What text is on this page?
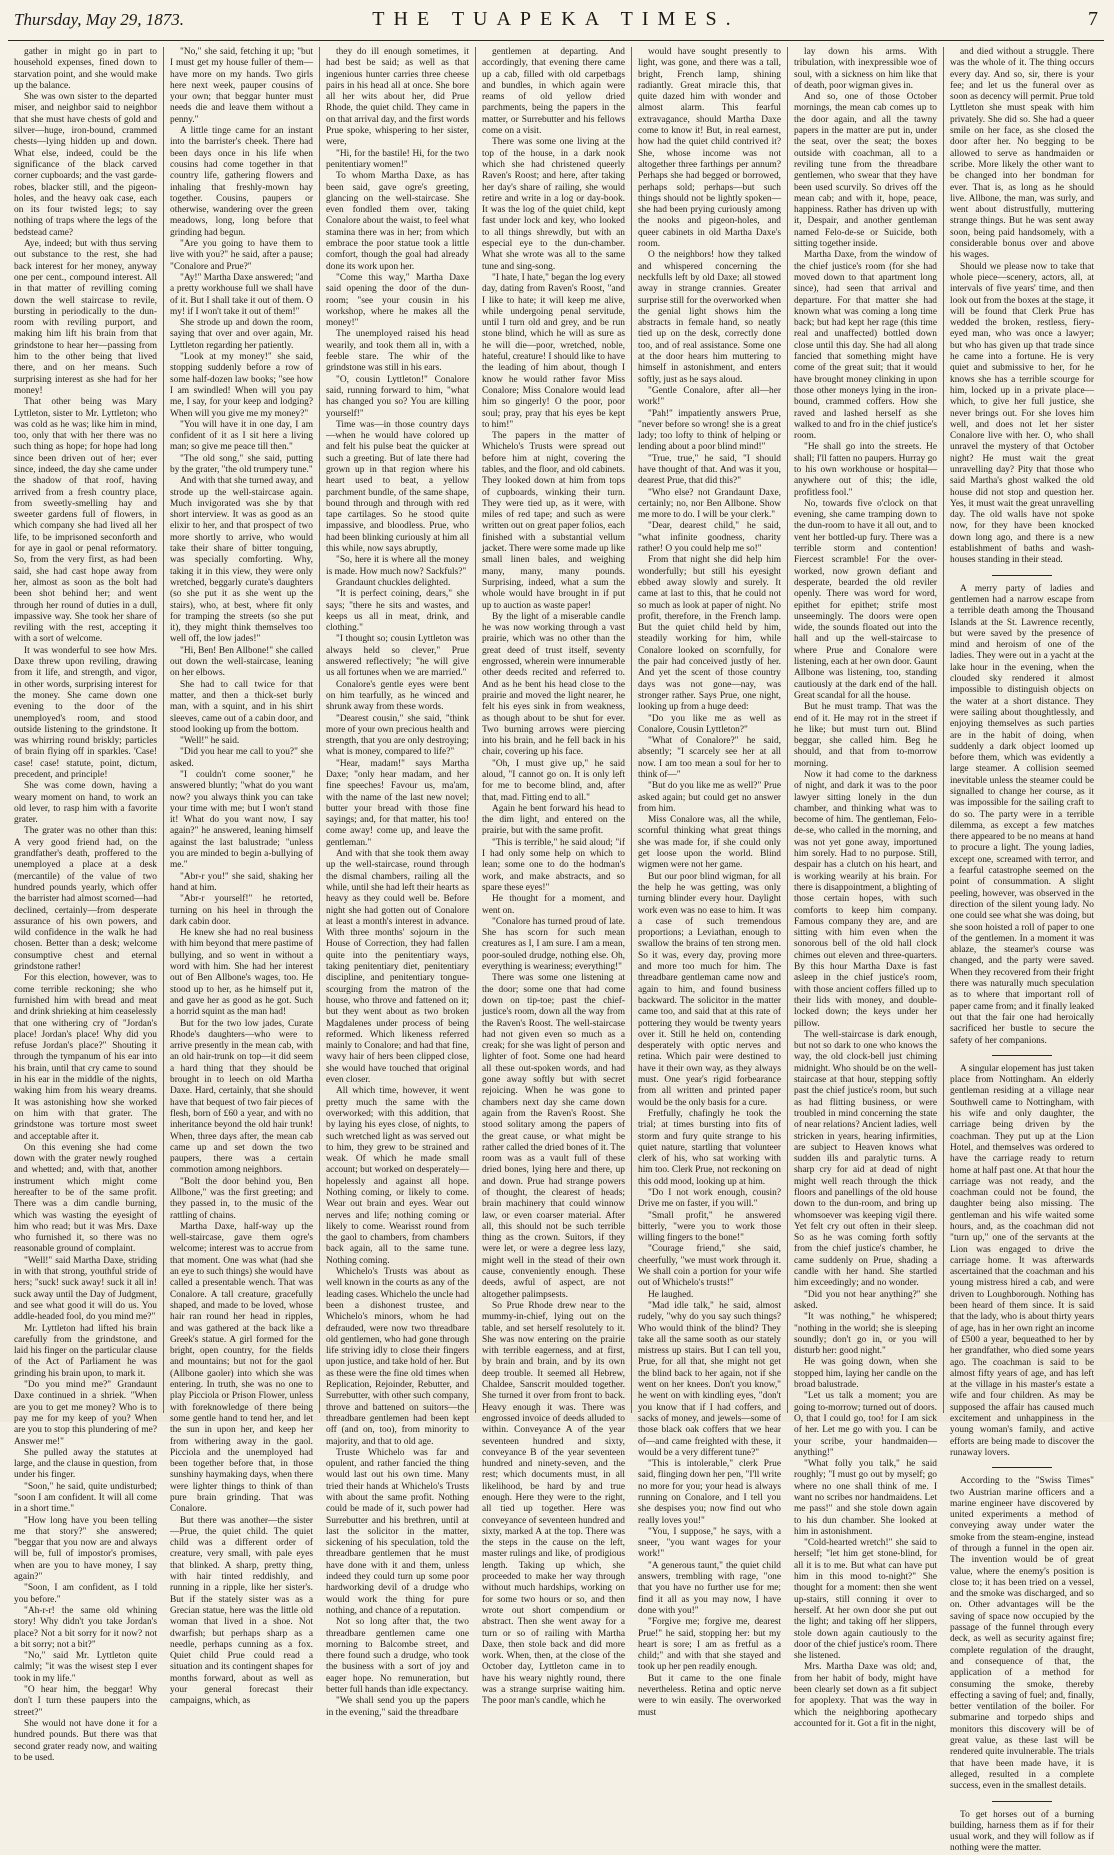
Thursday, May 29, 1873.	THE TUAPEKA TIMES.	7

gather in might go in part to household expenses, fined down to starvation point, and she would make up the balance.

She was own sister to the departed miser, and neighbor said to neighbor that she must have chests of gold and silver—huge, iron-bound, crammed chests—lying hidden up and down. What else, indeed, could be the significance of the black carved corner cupboards; and the vast garde-robes, blacker still, and the pigeon-holes, and the heavy oak case, each on its four twisted legs; to say nothing of traps where the legs of the bedstead came?

Aye, indeed; but with thus serving out substance to the rest, she had back interest for her money, anyway one per cent., compound interest. All in that matter of revilling coming down the well staircase to revile, bursting in periodically to the dun-room with reviling purport, and making him lift his brain from that grindstone to hear her—passing from him to the other being that lived there, and on her means. Such surprising interest as she had for her money!

That other being was Mary Lyttleton, sister to Mr. Lyttleton; who was cold as he was; like him in mind, too, only that with her there was no such thing as hope; for hope had long since been driven out of her; ever since, indeed, the day she came under the shadow of that roof, having arrived from a fresh country place, from sweetly-smelling hay and sweeter gardens full of flowers, in which company she had lived all her life, to be imprisoned seconforth and for aye in gaol or penal reformatory. So, from the very first, as had been said, she had cast hope away from her, almost as soon as the bolt had been shot behind her; and went through her round of duties in a dull, impassive way. She took her share of reviling with the rest, accepting it with a sort of welcome.

It was wonderful to see how Mrs. Daxe threw upon reviling, drawing from it life, and strength, and vigor, in other words, surprising interest for the money. She came down one evening to the door of the unemployed's room, and stood outside listening to the grindstone. It was whirring round briskly; particles of brain flying off in sparkles. 'Case! case! case! statute, point, dictum, precedent, and principle!

She was come down, having a weary moment on hand, to work an old lever, to rasp him with a favorite grater.

The grater was no other than this: A very good friend had, on the grandfather's death, proffered to the unemployed a place at a desk (mercantile) of the value of two hundred pounds yearly, which offer the barrister had almost scorned—had declined, certainly—from desperate assurance of his own powers, and wild confidence in the walk he had chosen. Better than a desk; welcome consumptive chest and eternal grindstone rather!

For this election, however, was to come terrible reckoning; she who furnished him with bread and meat and drink shrieking at him ceaselessly that one withering cry of "Jordan's place! Jordan's place! Why did you refuse Jordan's place?" Shouting it through the tympanum of his ear into his brain, until that cry came to sound in his ear in the middle of the nights, waking him from his weary dreams. It was astonishing how she worked on him with that grater. The grindstone was torture most sweet and acceptable after it.

On this evening she had come down with the grater newly roughed and whetted; and, with that, another instrument which might come hereafter to be of the same profit. There was a dim candle burning, which was wasting the eyesight of him who read; but it was Mrs. Daxe who furnished it, so there was no reasonable ground of complaint.

"Well!" said Martha Daxe, striding in with that strong, youthful stride of hers; "suck! suck away! suck it all in! suck away until the Day of Judgment, and see what good it will do us. You addle-headed fool, do you mind me?"

Mr. Lyttleton had lifted his brain carefully from the grindstone, and laid his finger on the particular clause of the Act of Parliament he was grinding his brain upon, to mark it.

"Do you mind me?" Grandaunt Daxe continued in a shriek. "When are you to get me money? Who is to pay me for my keep of you? When are you to stop this plundering of me? Answer me!"

She pulled away the statutes at large, and the clause in question, from under his finger.

"Soon," he said, quite undisturbed; "soon I am confident. It will all come in a short time."

"How long have you been telling me that story?" she answered; "beggar that you now are and always will be, full of impostor's promises, when are you to have money, I say again?"

"Soon, I am confident, as I told you before."

"Ah-r-r! the same old whining story! Why didn't you take Jordan's place? Not a bit sorry for it now? not a bit sorry; not a bit?"

"No," said Mr. Lyttleton quite calmly; "it was the wisest step I ever took in my life."

"O hear him, the beggar! Why don't I turn these paupers into the street?"

She would not have done it for a hundred pounds. But there was that second grater ready now, and waiting to be used.

"No," she said, fetching it up; "but I must get my house fuller of them—have more on my hands. Two girls here next week, pauper cousins of your own; that beggar hunter must needs die and leave them without a penny."

A little tinge came for an instant into the barrister's cheek. There had been days once in his life when cousins had come together in that country life, gathering flowers and inhaling that freshly-mown hay together. Cousins, paupers or otherwise, wandering over the green meadows, long, long before that grinding had begun.

"Are you going to have them to live with you?" he said, after a pause; "Conalore and Prue?"

"Ay!" Martha Daxe answered; "and a pretty workhouse full we shall have of it. But I shall take it out of them. O my! if I won't take it out of them!"

She strode up and down the room, saying that over and over again, Mr. Lyttleton regarding her patiently.

"Look at my money!" she said, stopping suddenly before a row of some half-dozen law books; "see how I am swindled! When will you pay me, I say, for your keep and lodging? When will you give me my money?"

"You will have it in one day, I am confident of it as I sit here a living man; so give me peace till then."

"The old song," she said, putting by the grater, "the old trumpery tune."

And with that she turned away, and strode up the well-staircase again. Much invigorated was she by that short interview. It was as good as an elixir to her, and that prospect of two more shortly to arrive, who would take their share of bitter tonguing, was specially comforting. Why, taking it in this view, they were only wretched, beggarly curate's daughters (so she put it as she went up the stairs), who, at best, where fit only for tramping the streets (so she put it), they might think themselves too well off, the low jades!"

"Hi, Ben! Ben Allbone!" she called out down the well-staircase, leaning on her elbows.

She had to call twice for that matter, and then a thick-set burly man, with a squint, and in his shirt sleeves, came out of a cabin door, and stood looking up from the bottom.

"Well!" he said.

"Did you hear me call to you?" she asked.

"I couldn't come sooner," he answered bluntly; "what do you want now? you always think you can take your time with me; but I won't stand it! What do you want now, I say again?" he answered, leaning himself against the last balustrade; "unless you are minded to begin a-bullying of me."

"Abr-r you!" she said, shaking her hand at him.

"Abr-r yourself!" he retorted, turning on his heel in through the dark cabin door.

He knew she had no real business with him beyond that mere pastime of bullying, and so went in without a word with him. She had her interest out of Ben Allbone's wages, too. He stood up to her, as he himself put it, and gave her as good as he got. Such a horrid squint as the man had!

But for the two low jades, Curate Rhode's daughters—who were to arrive presently in the mean cab, with an old hair-trunk on top—it did seem a hard thing that they should be brought in to leech on old Martha Daxe. Hard, certainly, that she should have that bequest of two fair pieces of flesh, born of £60 a year, and with no inheritance beyond the old hair trunk! When, three days after, the mean cab came up and set down the two paupers, there was a certain commotion among neighbors.

"Bolt the door behind you, Ben Allbone," was the first greeting; and they passed in, to the music of the rattling of chains.

Martha Daxe, half-way up the well-staircase, gave them ogre's welcome; interest was to accrue from that moment. One was what (had she an eye to such things) she would have called a presentable wench. That was Conalore. A tall creature, gracefully shaped, and made to be loved, whose hair ran round her head in ripples, and was gathered at the back like a Greek's statue. A girl formed for the bright, open country, for the fields and mountains; but not for the gaol (Allbone gaoler) into which she was entering. In truth, she was no one to play Picciola or Prison Flower, unless with foreknowledge of there being some gentle hand to tend her, and let the sun in upon her, and keep her from withering away in the gaol. Picciola and the unemployed had been together before that, in those sunshiny haymaking days, when there were lighter things to think of than pure brain grinding. That was Conalore.

But there was another—the sister—Prue, the quiet child. The quiet child was a different order of creature, very small, with pale eyes that blinked. A sharp, pretty thing, with hair tinted reddishly, and running in a ripple, like her sister's. But if the stately sister was as a Grecian statue, here was the little old woman that lived in a shoe. Not dwarfish; but perhaps sharp as a needle, perhaps cunning as a fox. Quiet child Prue could read a situation and its contingent shapes for months forward, about as well as your general forecast their campaigns, which, as

they do ill enough sometimes, it had best be said; as well as that ingenious hunter carries three cheese pairs in his head all at once. She bore all her wits about her, did Prue Rhode, the quiet child. They came in on that arrival day, and the first words Prue spoke, whispering to her sister, were,

"Hi, for the bastile! Hi, for the two penitentiary women!"

To whom Martha Daxe, as has been said, gave ogre's greeting, glancing on the well-staircase. She even fondled them over, taking Conalore about the waist, to feel what stamina there was in her; from which embrace the poor statue took a little comfort, though the goal had already done its work upon her.

"Come this way," Martha Daxe said opening the door of the dun-room; "see your cousin in his workshop, where he makes all the money!"

The unemployed raised his head wearily, and took them all in, with a feeble stare. The whir of the grindstone was still in his ears.

"O, cousin Lyttleton!" Conalore said, running forward to him, "what has changed you so? You are killing yourself!"

Time was—in those country days—when he would have colored up and felt his pulse beat the quicker at such a greeting. But of late there had grown up in that region where his heart used to beat, a yellow parchment bundle, of the same shape, bound through and through with red tape cartilages. So he stood quite impassive, and bloodless. Prue, who had been blinking curiously at him all this while, now says abruptly,

"So, here it is where all the money is made. How much now? Sackfuls?"

Grandaunt chuckles delighted.

"It is perfect coining, dears," she says; "there he sits and wastes, and keeps us all in meat, drink, and clothing."

"I thought so; cousin Lyttleton was always held so clever," Prue answered reflectively; "he will give us all fortunes when we are married."

Conalore's gentle eyes were bent on him tearfully, as he winced and shrunk away from these words.

"Dearest cousin," she said, "think more of your own precious health and strength, that you are only destroying; what is money, compared to life?"

"Hear, madam!" says Martha Daxe; "only hear madam, and her fine speeches! Favour us, ma'am, with the name of the last new novel; butter your bread with those fine sayings; and, for that matter, his too! come away! come up, and leave the gentleman."

And with that she took them away up the well-staircase, round through the dismal chambers, railing all the while, until she had left their hearts as heavy as they could well be. Before night she had gotten out of Conalore at least a month's interest in advance. With three months' sojourn in the House of Correction, they had fallen quite into the penitentiary ways, taking penitentiary diet, penitentiary discipline, and penitentiary tongue-scourging from the matron of the house, who throve and fattened on it; but they went about as two broken Magdalenes under process of being reformed. Which likeness referred mainly to Conalore; and had that fine, wavy hair of hers been clipped close, she would have touched that original even closer.

All which time, however, it went pretty much the same with the overworked; with this addition, that by laying his eyes close, of nights, to such wretched light as was served out to him, they grew to be strained and weak. Of which he made small account; but worked on desperately—hopelessly and against all hope. Nothing coming, or likely to come. Wear out brain and eyes. Wear out nerves and life; nothing coming or likely to come. Wearisst round from the gaol to chambers, from chambers back again, all to the same tune. Nothing coming.

Whichelo's Trusts was about as well known in the courts as any of the leading cases. Whichelo the uncle had been a dishonest trustee, and Whichelo's minors, whom he had defrauded, were now two threadbare old gentlemen, who had gone through life striving idly to close their fingers upon justice, and take hold of her. But as these were the fine old times when Replication, Rejoinder, Rebutter, and Surrebutter, with other such company, throve and battened on suitors—the threadbare gentlemen had been kept off (and on, too), from minority to majority, and that to old age.

Truste Whichelo was far and opulent, and rather fancied the thing would last out his own time. Many tried their hands at Whichelo's Trusts with about the same profit. Nothing could be made of it, such power had Surrebutter and his brethren, until at last the solicitor in the matter, sickening of his speculation, told the threadbare gentlemen that he must have done with it and them, unless indeed they could turn up some poor hardworking devil of a drudge who would work the thing for pure nothing, and chance of a reputation.

Not so long after that, the two threadbare gentlemen came one morning to Balcombe street, and there found such a drudge, who took the business with a sort of joy and eager hope. No remuneration, but better full hands than idle expectancy.

"We shall send you up the papers in the evening," said the threadbare

gentlemen at departing. And accordingly, that evening there came up a cab, filled with old carpetbags and bundles, in which again were reams of old yellow dried parchments, being the papers in the matter, or Surrebutter and his fellows come on a visit.

There was some one living at the top of the house, in a dark nook which she had christened queerly Raven's Roost; and here, after taking her day's share of railing, she would retire and write in a log or day-book. It was the log of the quiet child, kept fast under lock and key, who looked to all things shrewdly, but with an especial eye to the dun-chamber. What she wrote was all to the same tune and sing-song.

"I hate, I hate," began the log every day, dating from Raven's Roost, "and I like to hate; it will keep me alive, while undergoing penal servitude, until I turn old and grey, and be run stone blind, which he will as sure as he will die—poor, wretched, noble, hateful, creature! I should like to have the leading of him about, though I know he would rather favor Miss Conalore; Miss Conalore would lead him so gingerly! O the poor, poor soul; pray, pray that his eyes be kept to him!"

The papers in the matter of Whichelo's Trusts were spread out before him at night, covering the tables, and the floor, and old cabinets. They looked down at him from tops of cupboards, winking their turn. They were tied up, as it were, with miles of red tape; and such as were written out on great paper folios, each finished with a substantial vellum jacket. There were some made up like small linen bales, and weighing many, many, many pounds. Surprising, indeed, what a sum the whole would have brought in if put up to auction as waste paper!

By the light of a miserable candle he was now working through a vast prairie, which was no other than the great deed of trust itself, seventy engrossed, wherein were innumerable other deeds recited and referred to. And as he bent his head close to the prairie and moved the light nearer, he felt his eyes sink in from weakness, as though about to be shut for ever. Two burning arrows were piercing into his brain, and he fell back in his chair, covering up his face.

"Oh, I must give up," he said aloud, "I cannot go on. It is only left for me to become blind, and, after that, mad. Fitting end to all."

Again he bent forward his head to the dim light, and entered on the prairie, but with the same profit.

"This is terrible," he said aloud; "if I had only some help on which to lean; some one to do the hodman's work, and make abstracts, and so spare these eyes!"

He thought for a moment, and went on.

"Conalore has turned proud of late. She has scorn for such mean creatures as I, I am sure. I am a mean, poor-souled drudge, nothing else. Oh, everything is weariness; everything!"

There was some one listening at the door; some one that had come down on tip-toe; past the chief-justice's room, down all the way from the Raven's Roost. The well-staircase had not given even so much as a creak; for she was light of person and lighter of foot. Some one had heard all these out-spoken words, and had gone away softly but with secret rejoicing. When he was gone to chambers next day she came down again from the Raven's Roost. She stood solitary among the papers of the great cause, or what might be rather called the dried bones of it. The room was as a vault full of these dried bones, lying here and there, up and down. Prue had strange powers of thought, the clearest of heads; brain machinery that could winnow law, or even coarser material. After all, this should not be such terrible thing as the crown. Suitors, if they were let, or were a degree less lazy, might well in the stead of their own cause, conveniently enough. These deeds, awful of aspect, are not altogether palimpsests.

So Prue Rhode drew near to the mummy-in-chief, lying out on the table, and set herself resolutely to it. She was now entering on the prairie with terrible eagerness, and at first, by brain and brain, and by its own deep trouble. It seemed all Hebrew, Chaldee, Sanscrit moulded together. She turned it over from front to back. Heavy enough it was. There was engrossed invoice of deeds alluded to within. Conveyance A of the year seventeen hundred and sixty, conveyance B of the year seventeen hundred and ninety-seven, and the rest; which documents must, in all likelihood, be hard by and true enough. Here they were to the right, all tied up together. Here was conveyance of seventeen hundred and sixty, marked A at the top. There was the steps in the cause on the left, master rulings and like, of prodigious length. Taking up which, she proceeded to make her way through without much hardships, working on for some two hours or so, and then wrote out short compendium or abstract. Then she went away for a turn or so of railing with Martha Daxe, then stole back and did more work. When, then, at the close of the October day, Lyttleton came in to have his weary nightly round, there was a strange surprise waiting him. The poor man's candle, which he

would have sought presently to light, was gone, and there was a tall, bright, French lamp, shining radiantly. Great miracle this, that quite dazed him with wonder and almost alarm. This fearful extravagance, should Martha Daxe come to know it! But, in real earnest, how had the quiet child contrived it? She, whose income was not altogether three farthings per annum? Perhaps she had begged or borrowed, perhaps sold; perhaps—but such things should not be lightly spoken—she had been prying curiously among the nooks and pigeon-holes, and queer cabinets in old Martha Daxe's room.

O the neighbors! how they talked and whispered concerning the neckfulls left by old Daxe; all stowed away in strange crannies. Greater surprise still for the overworked when the genial light shows him the abstracts in female hand, so neatly tied up on the desk, correctly done too, and of real assistance. Some one at the door hears him muttering to himself in astonishment, and enters softly, just as he says aloud.

"Gentle Conalore, after all—her work!"

"Pah!" impatiently answers Prue, "never before so wrong! she is a great lady; too lofty to think of helping or lending about a poor blind mind!"

"True, true," he said, "I should have thought of that. And was it you, dearest Prue, that did this?"

"Who else? not Grandaunt Daxe, certainly; no, nor Ben Allbone. Show me more to do. I will be your clerk."

"Dear, dearest child," he said, "what infinite goodness, charity rather! O you could help me so!"

From that night she did help him wonderfully; but still his eyesight ebbed away slowly and surely. It came at last to this, that he could not so much as look at paper of night. No profit, therefore, in the French lamp. But the quiet child held by him, steadily working for him, while Conalore looked on scornfully, for the pair had conceived justly of her. And yet the scent of those country days was not gone—nay, was stronger rather. Says Prue, one night, looking up from a huge deed:

"Do you like me as well as Conalore, Cousin Lyttleton?"

"What of Conalore?" he said, absently; "I scarcely see her at all now. I am too mean a soul for her to think of—"

"But do you like me as well?" Prue asked again; but could get no answer from him.

Miss Conalore was, all the while, scornful thinking what great things she was made for, if she could only get loose upon the world. Blind wigmen were not her game.

But our poor blind wigman, for all the help he was getting, was only turning blinder every hour. Daylight work even was no ease to him. It was a case of such tremendous proportions; a Leviathan, enough to swallow the brains of ten strong men. So it was, every day, proving more and more too much for him. The threadbare gentleman came now and again to him, and found business backward. The solicitor in the matter came too, and said that at this rate of pottering they would be twenty years over it. Still he held on, contending desperately with optic nerves and retina. Which pair were destined to have it their own way, as they always must. One year's rigid forbearance from all written and printed paper would be the only basis for a cure.

Fretfully, chafingly he took the trial; at times bursting into fits of storm and fury quite strange to his quiet nature, startling that volunteer clerk of his, who sat working with him too. Clerk Prue, not reckoning on this odd mood, looking up at him.

"Do I not work enough, cousin? Drive me on faster, if you will."

"Small profit," he answered bitterly, "were you to work those willing fingers to the bone!"

"Courage friend," she said, cheerfully, "we must work through it. We shall coin a portion for your wife out of Whichelo's trusts!"

He laughed.

"Mad idle talk," he said, almost rudely, "why do you say such things? Who would think of the blind? They take all the same sooth as our stately mistress up stairs. But I can tell you, Prue, for all that, she might not get the blind back to her again, not if she went on her knees. Don't you know," he went on with kindling eyes, "don't you know that if I had coffers, and sacks of money, and jewels—some of those black oak coffers that we hear of—and came freighted with these, it would be a very different tune?"

"This is intolerable," clerk Prue said, flinging down her pen, "I'll write no more for you; your head is always running on Conalore, and I tell you she despises you; now find out who really loves you!"

"You, I suppose," he says, with a sneer, "you want wages for your work!"

"A generous taunt," the quiet child answers, trembling with rage, "one that you have no further use for me; find it all as you may now, I have done with you!"

"Forgive me; forgive me, dearest Prue!" he said, stopping her: but my heart is sore; I am as fretful as a child;" and with that she stayed and took up her pen readily enough.

But it came to the one finale nevertheless. Retina and optic nerve were to win easily. The overworked must

lay down his arms. With tribulation, with inexpressible woe of soul, with a sickness on him like that of death, poor wigman gives in.

And so, one of those October mornings, the mean cab comes up to the door again, and all the tawny papers in the matter are put in, under the seat, over the seat; the boxes outside with coachman, all to a reviling tune from the threadbare gentlemen, who swear that they have been used scurvily. So drives off the mean cab; and with it, hope, peace, happiness. Rather has driven up with it, Despair, and another gentleman named Felo-de-se or Suicide, both sitting together inside.

Martha Daxe, from the window of the chief justice's room (for she had moved down to that apartment long since), had seen that arrival and departure. For that matter she had known what was coming a long time back; but had kept her rage (this time real and unaffected) bottled down close until this day. She had all along fancied that something might have come of the great suit; that it would have brought money clinking in upon those other moneys lying in the iron-bound, crammed coffers. How she raved and lashed herself as she walked to and fro in the chief justice's room.

"He shall go into the streets. He shall; I'll fatten no paupers. Hurray go to his own workhouse or hospital—anywhere out of this; the idle, profitless fool."

No, towards five o'clock on that evening, she came tramping down to the dun-room to have it all out, and to vent her bottled-up fury. There was a terrible storm and contention! Fiercest scramble! For the over-worked, now grown defiant and desperate, bearded the old reviler openly. There was word for word, epithet for epithet; strife most unseemingly. The doors were open wide, the sounds floated out into the hall and up the well-staircase to where Prue and Conalore were listening, each at her own door. Gaunt Allbone was listening, too, standing cautiously at the dark end of the hall. Great scandal for all the house.

But he must tramp. That was the end of it. He may rot in the street if he like; but must turn out. Blind beggar, she called him. Beg he should, and that from to-morrow morning.

Now it had come to the darkness of night, and dark it was to the poor lawyer sitting lonely in the dun chamber, and thinking what was to become of him. The gentleman, Felo-de-se, who called in the morning, and was not yet gone away, importuned him sorely. Had to no purpose. Still, despair has a clutch on his heart, and is working wearily at his brain. For there is disappointment, a blighting of those certain hopes, with such comforts to keep him company. Famous company they are, and are sitting with him even when the sonorous bell of the old hall clock chimes out eleven and three-quarters. By this hour Martha Daxe is fast asleep in the chief justice's room, with those ancient coffers filled up to their lids with money, and double-locked down; the keys under her pillow.

The well-staircase is dark enough, but not so dark to one who knows the way, the old clock-bell just chiming midnight. Who should be on the well-staircase at that hour, stepping softly past the chief justice's room, but such as had flitting business, or were troubled in mind concerning the state of near relations? Ancient ladies, well stricken in years, hearing infirmities, are subject to Heaven knows what sudden ills and paralytic turns. A sharp cry for aid at dead of night might well reach through the thick floors and panellings of the old house down to the dun-room, and bring up whomsoever was keeping vigil there. Yet felt cry out often in their sleep. So as he was coming forth softly from the chief justice's chamber, he came suddenly on Prue, shading a candle with her hand. She startled him exceedingly; and no wonder.

"Did you not hear anything?" she asked.

"It was nothing," he whispered; "nothing in the world; she is sleeping soundly; don't go in, or you will disturb her: good night."

He was going down, when she stopped him, laying her candle on the broad balustrade.

"Let us talk a moment; you are going to-morrow; turned out of doors. O, that I could go, too! for I am sick of her. Let me go with you. I can be your scribe, your handmaiden—anything!"

"What folly you talk," he said roughly; "I must go out by myself; go where no one shall think of me. I want no scribes nor handmaidens. Let me pass!" and she stole down again to his dun chamber. She looked at him in astonishment.

"Cold-hearted wretch!" she said to herself; "let him get stone-blind, for all it is to me. But what can have put him in this mood to-night?" She thought for a moment: then she went up-stairs, still conning it over to herself. At her own door she put out the light; and taking off her slippers, stole down again cautiously to the door of the chief justice's room. There she listened.

Mrs. Martha Daxe was old; and, from her habit of body, might have been clearly set down as a fit subject for apoplexy. That was the way in which the neighboring apothecary accounted for it. Got a fit in the night,

and died without a struggle. There was the whole of it. The thing occurs every day. And so, sir, there is your fee; and let us the funeral over as soon as decency will permit. Prue told Lyttleton she must speak with him privately. She did so. She had a queer smile on her face, as she closed the door after her. No begging to be allowed to serve as handmaiden or scribe. More likely the other want to be changed into her bondman for ever. That is, as long as he should live. Allbone, the man, was surly, and went about distrustfully, muttering strange things. But he was sent away soon, being paid handsomely, with a considerable bonus over and above his wages.

Should we please now to take that whole piece—scenery, actors, all, at intervals of five years' time, and then look out from the boxes at the stage, it will be found that Clerk Prue has wedded the broken, restless, fiery-eyed man, who was once a lawyer; but who has given up that trade since he came into a fortune. He is very quiet and submissive to her, for he knows she has a terrible scourge for him, locked up in a private place—which, to give her full justice, she never brings out. For she loves him well, and does not let her sister Conalore live with her. O, who shall unravel the mystery of that October night? He must wait the great unravelling day? Pity that those who said Martha's ghost walked the old house did not stop and question her. Yes, it must wait the great unravelling day. The old walls have not spoke now, for they have been knocked down long ago, and there is a new establishment of baths and wash-houses standing in their stead.

A merry party of ladies and gentlemen had a narrow escape from a terrible death among the Thousand Islands at the St. Lawrence recently, but were saved by the presence of mind and heroism of one of the ladies. They were out in a yacht at the lake hour in the evening, when the clouded sky rendered it almost impossible to distinguish objects on the water at a short distance. They were sailing about thoughtlessly, and enjoying themselves as such parties are in the habit of doing, when suddenly a dark object loomed up before them, which was evidently a large steamer. A collision seemed inevitable unless the steamer could be signalled to change her course, as it was impossible for the sailing craft to do so. The party were in a terrible dilemma, as except a few matches there appeared to be no means at hand to procure a light. The young ladies, except one, screamed with terror, and a fearful catastrophe seemed on the point of consummation. A slight peeling, however, was observed in the direction of the silent young lady. No one could see what she was doing, but she soon hoisted a roll of paper to one of the gentlemen. In a moment it was ablaze, the steamer's course was changed, and the party were saved. When they recovered from their fright there was naturally much speculation as to where that important roll of paper came from; and it finally leaked out that the fair one had heroically sacrificed her bustle to secure the safety of her companions.

A singular elopement has just taken place from Nottingham. An elderly gentleman residing at a village near Southwell came to Nottingham, with his wife and only daughter, the carriage being driven by the coachman. They put up at the Lion Hotel, and themselves was ordered to have the carriage ready to return home at half past one. At that hour the carriage was not ready, and the coachman could not be found, the daughter being also missing. The gentleman and his wife waited some hours, and, as the coachman did not "turn up," one of the servants at the Lion was engaged to drive the carriage home. It was afterwards ascertained that the coachman and his young mistress hired a cab, and were driven to Loughborough. Nothing has been heard of them since. It is said that the lady, who is about thirty years of age, has in her own right an income of £500 a year, bequeathed to her by her grandfather, who died some years ago. The coachman is said to be almost fifty years of age, and has left at the village in his master's estate a wife and four children. As may be supposed the affair has caused much excitement and unhappiness in the young woman's family, and active efforts are being made to discover the runaway lovers.

According to the "Swiss Times" two Austrian marine officers and a marine engineer have discovered by united experiments a method of conveying away under water the smoke from the steam-engine, instead of through a funnel in the open air. The invention would be of great value, where the enemy's position is close to; it has been tried on a vessel, and the smoke was discharged, and so on. Other advantages will be the saving of space now occupied by the passage of the funnel through every deck, as well as security against fire; complete regulation of the draught, and consequence of that, the application of a method for consuming the smoke, thereby effecting a saving of fuel; and, finally, better ventilation of the boiler. For submarine and torpedo ships and monitors this discovery will be of great value, as these last will be rendered quite invulnerable. The trials that have been made have, it is alleged, resulted in a complete success, even in the smallest details.

To get horses out of a burning building, harness them as if for their usual work, and they will follow as if nothing were the matter.
